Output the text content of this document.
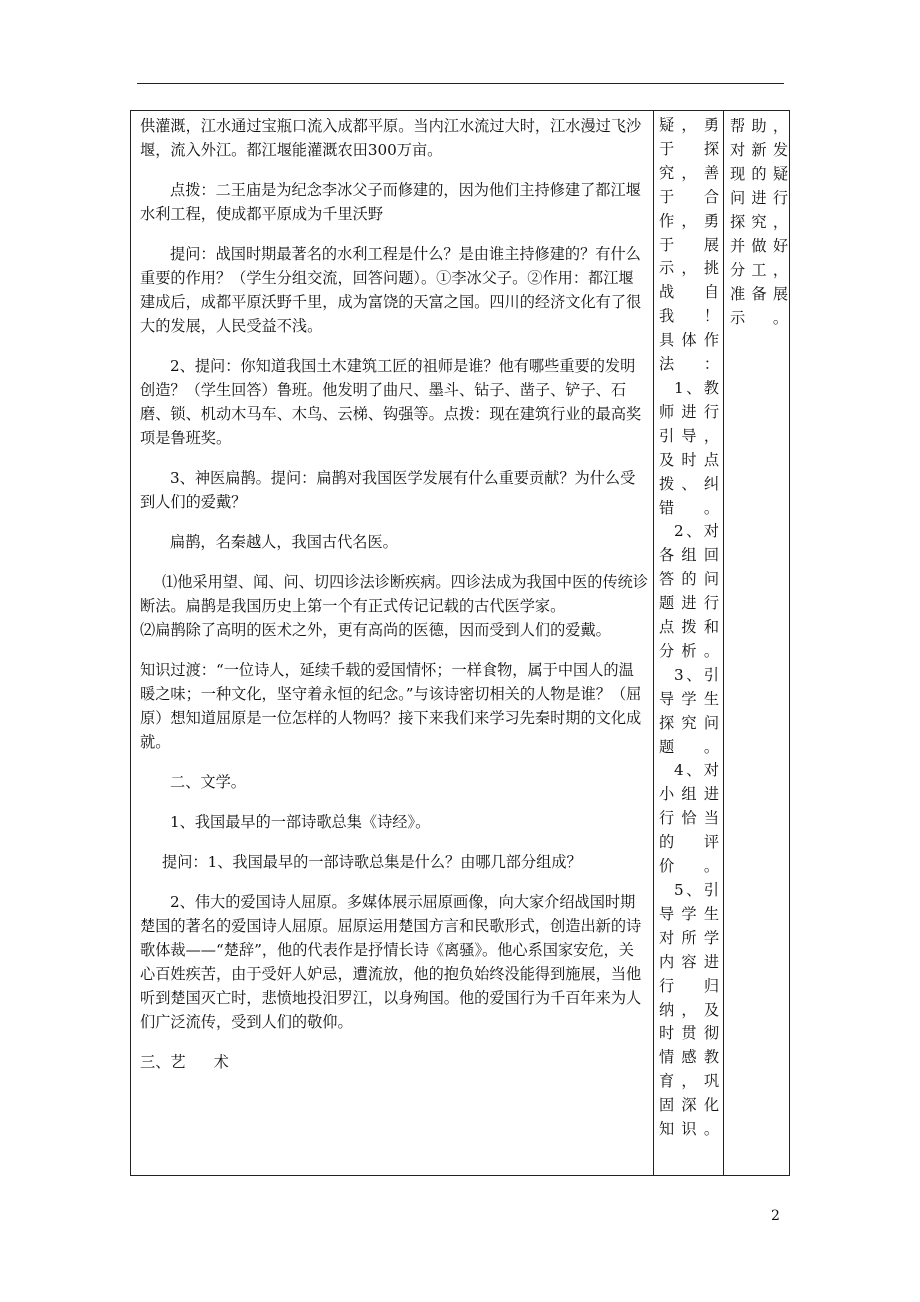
供灌溉，江水通过宝瓶口流入成都平原。当内江水流过大时，江水漫过飞沙堰，流入外江。都江堰能灌溉农田300万亩。

点拨：二王庙是为纪念李冰父子而修建的，因为他们主持修建了都江堰水利工程，使成都平原成为千里沃野

提问：战国时期最著名的水利工程是什么？是由谁主持修建的？有什么重要的作用？（学生分组交流，回答问题）。①李冰父子。②作用：都江堰建成后，成都平原沃野千里，成为富饶的天富之国。四川的经济文化有了很大的发展，人民受益不浅。

2、提问：你知道我国土木建筑工匠的祖师是谁？他有哪些重要的发明创造？（学生回答）鲁班。他发明了曲尺、墨斗、钻子、凿子、铲子、石磨、锁、机动木马车、木鸟、云梯、钩强等。点拨：现在建筑行业的最高奖项是鲁班奖。

3、神医扁鹊。提问：扁鹊对我国医学发展有什么重要贡献？为什么受到人们的爱戴？

扁鹊，名秦越人，我国古代名医。

⑴他采用望、闻、问、切四诊法诊断疾病。四诊法成为我国中医的传统诊断法。扁鹊是我国历史上第一个有正式传记记载的古代医学家。

⑵扁鹊除了高明的医术之外，更有高尚的医德，因而受到人们的爱戴。

知识过渡：“一位诗人，延续千载的爱国情怀；一样食物，属于中国人的温暖之味；一种文化，坚守着永恒的纪念。”与该诗密切相关的人物是谁？（屈原）想知道屈原是一位怎样的人物吗？接下来我们来学习先秦时期的文化成就。

二、文学。

1、我国最早的一部诗歌总集《诗经》。

提问：1、我国最早的一部诗歌总集是什么？由哪几部分组成？

2、伟大的爱国诗人屈原。多媒体展示屈原画像，向大家介绍战国时期楚国的著名的爱国诗人屈原。屈原运用楚国方言和民歌形式，创造出新的诗歌体裁——“楚辞”，他的代表作是抒情长诗《离骚》。他心系国家安危，关心百姓疾苦，由于受奸人妒忌，遭流放，他的抱负始终没能得到施展，当他听到楚国灭亡时，悲愤地投汨罗江，以身殉国。他的爱国行为千百年来为人们广泛流传，受到人们的敬仰。

三、艺 术

疑，勇于探究，善于合作，勇于展示，挑战自我！

具体作法：

1、教师进行引导，及时点拨、纠错。

2、对各组回答的问题进行点拨和分析。

3、引导学生探究问题。

4、对小组进行恰当的评价。

5、引导学生对所学内容进行归纳，及时贯彻情感教育，巩固深化知识。

帮助，对新发现的疑问进行探究，并做好分工，准备展示。

2
